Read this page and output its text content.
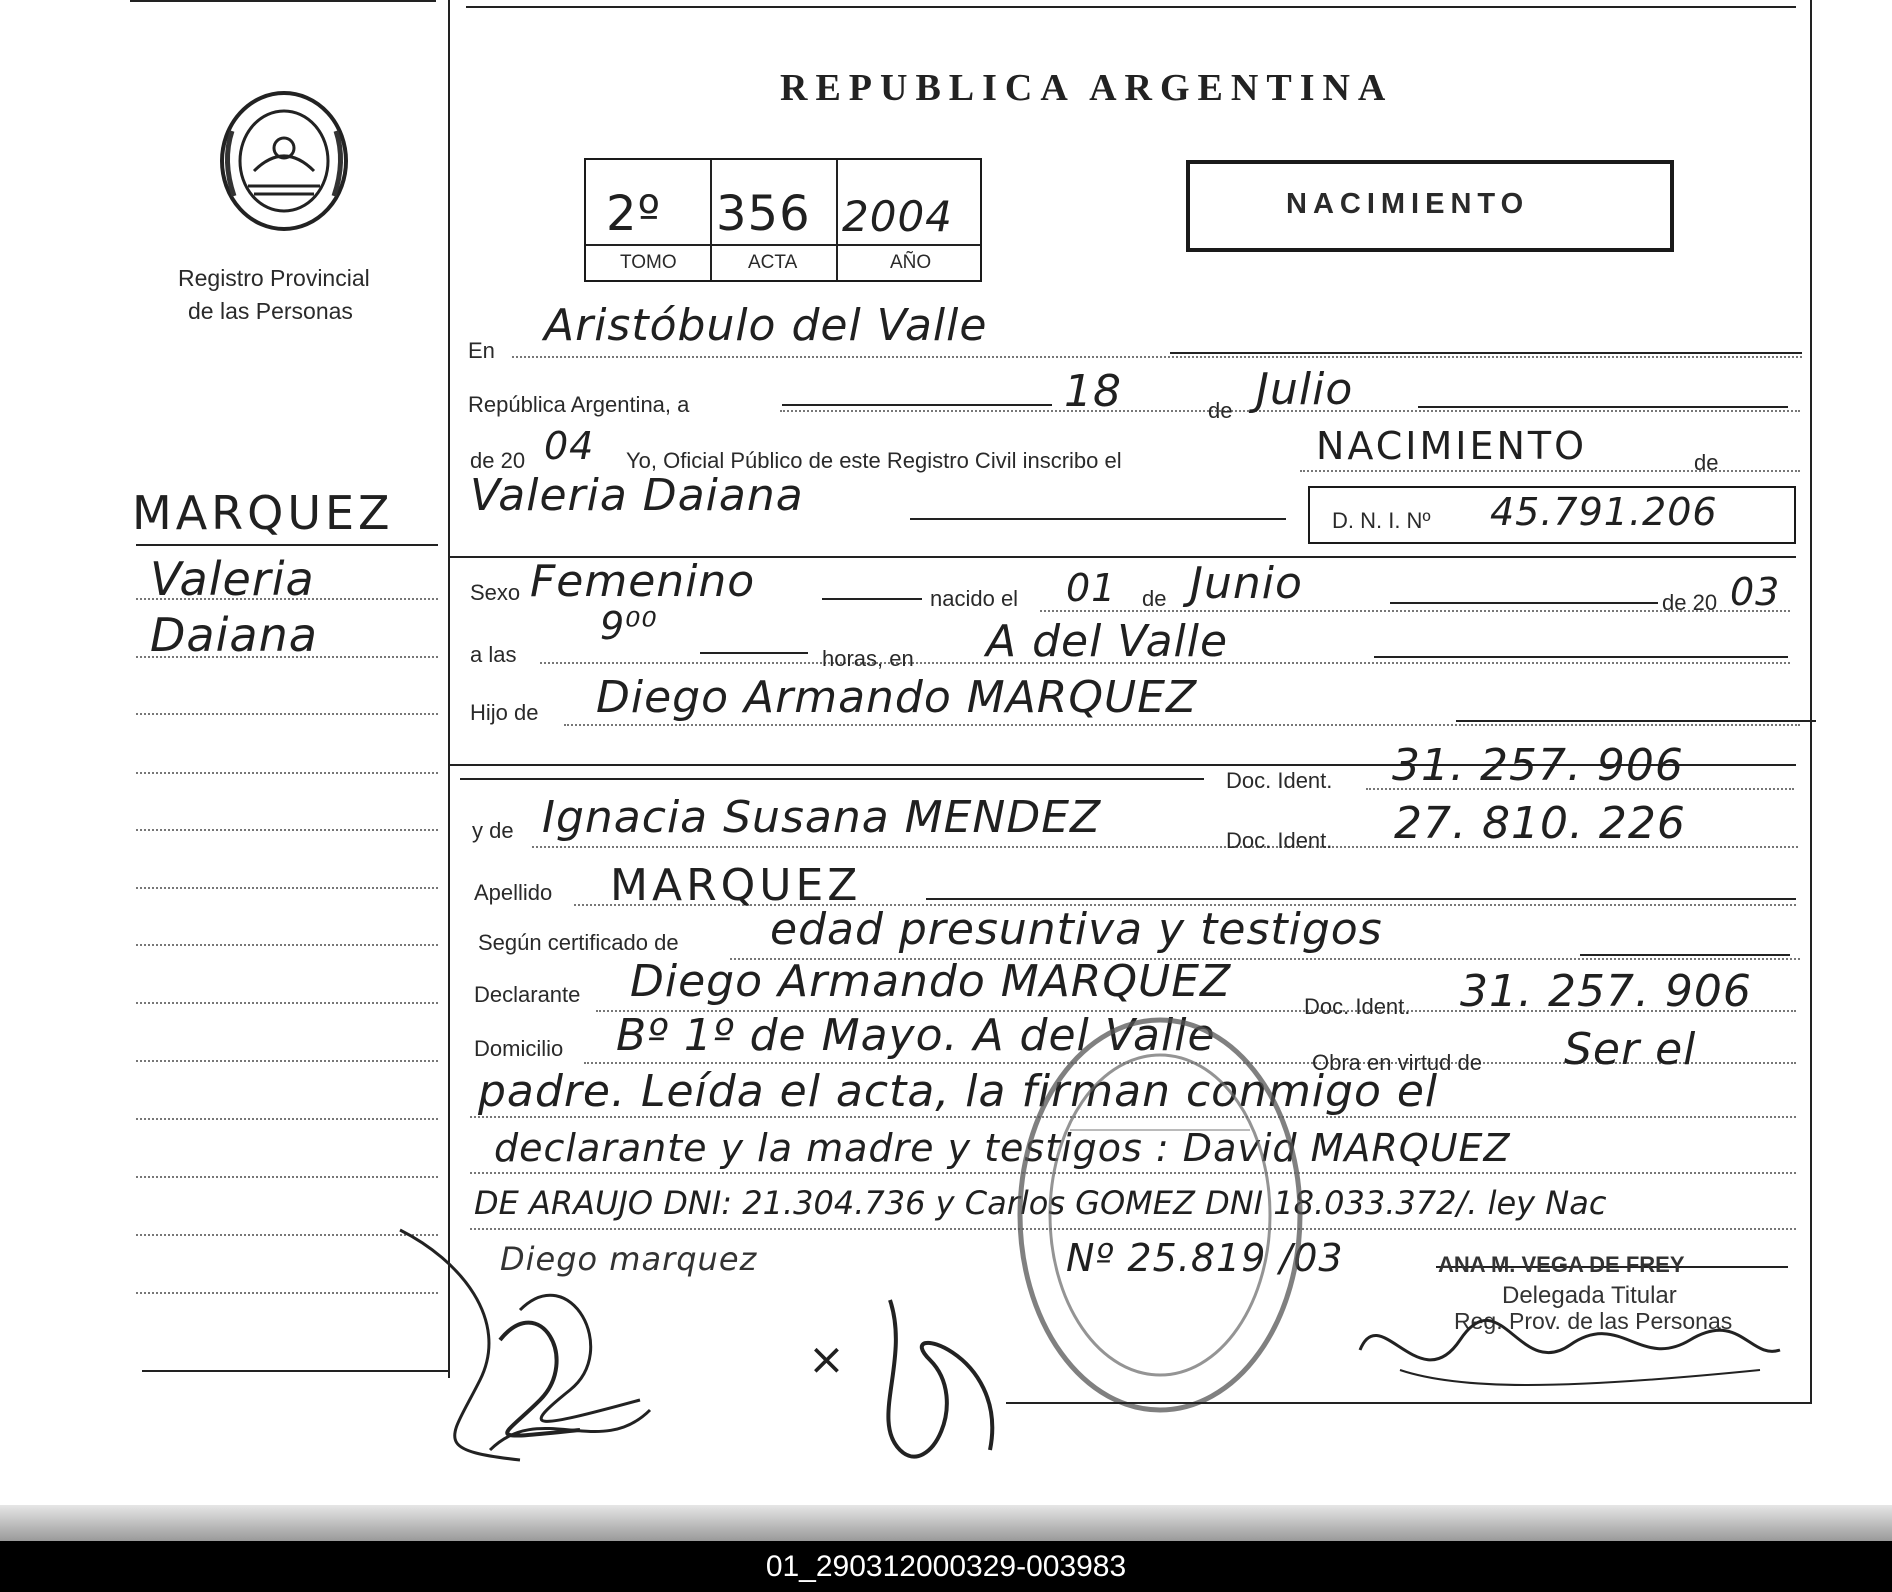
Registro Provincial
de las Personas
MARQUEZ
Valeria
Daiana
REPUBLICA ARGENTINA
2º 356 2004
TOMO	ACTA	AÑO
NACIMIENTO
En Aristóbulo del Valle
República Argentina, a	18	de Julio
de 20 04 Yo, Oficial Público de este Registro Civil inscribo el	NACIMIENTO	de
Valeria Daiana	D. N. I. Nº 45.791.206
Sexo Femenino	nacido el 01 de Junio	de 20 03
a las
9⁰⁰
horas, en A del Valle
Hijo de Diego Armando MARQUEZ
Doc. Ident. 31. 257. 906
y de Ignacia Susana MENDEZ	Doc. Ident. 27. 810. 226
Apellido MARQUEZ
Según certificado de edad presuntiva y testigos
Declarante Diego Armando MARQUEZ	Doc. Ident. 31. 257. 906
Domicilio Bº 1º de Mayo. A del Valle
Obra en virtud de Ser el
padre. Leída el acta, la firman conmigo el
declarante y la madre y testigos : David MARQUEZ
DE ARAUJO DNI: 21.304.736 y Carlos GOMEZ DNI 18.033.372/. ley Nac
Nº 25.819 /03
Diego marquez
×
ANA M. VEGA DE FREY
Delegada Titular
Reg. Prov. de las Personas
01_290312000329-003983
